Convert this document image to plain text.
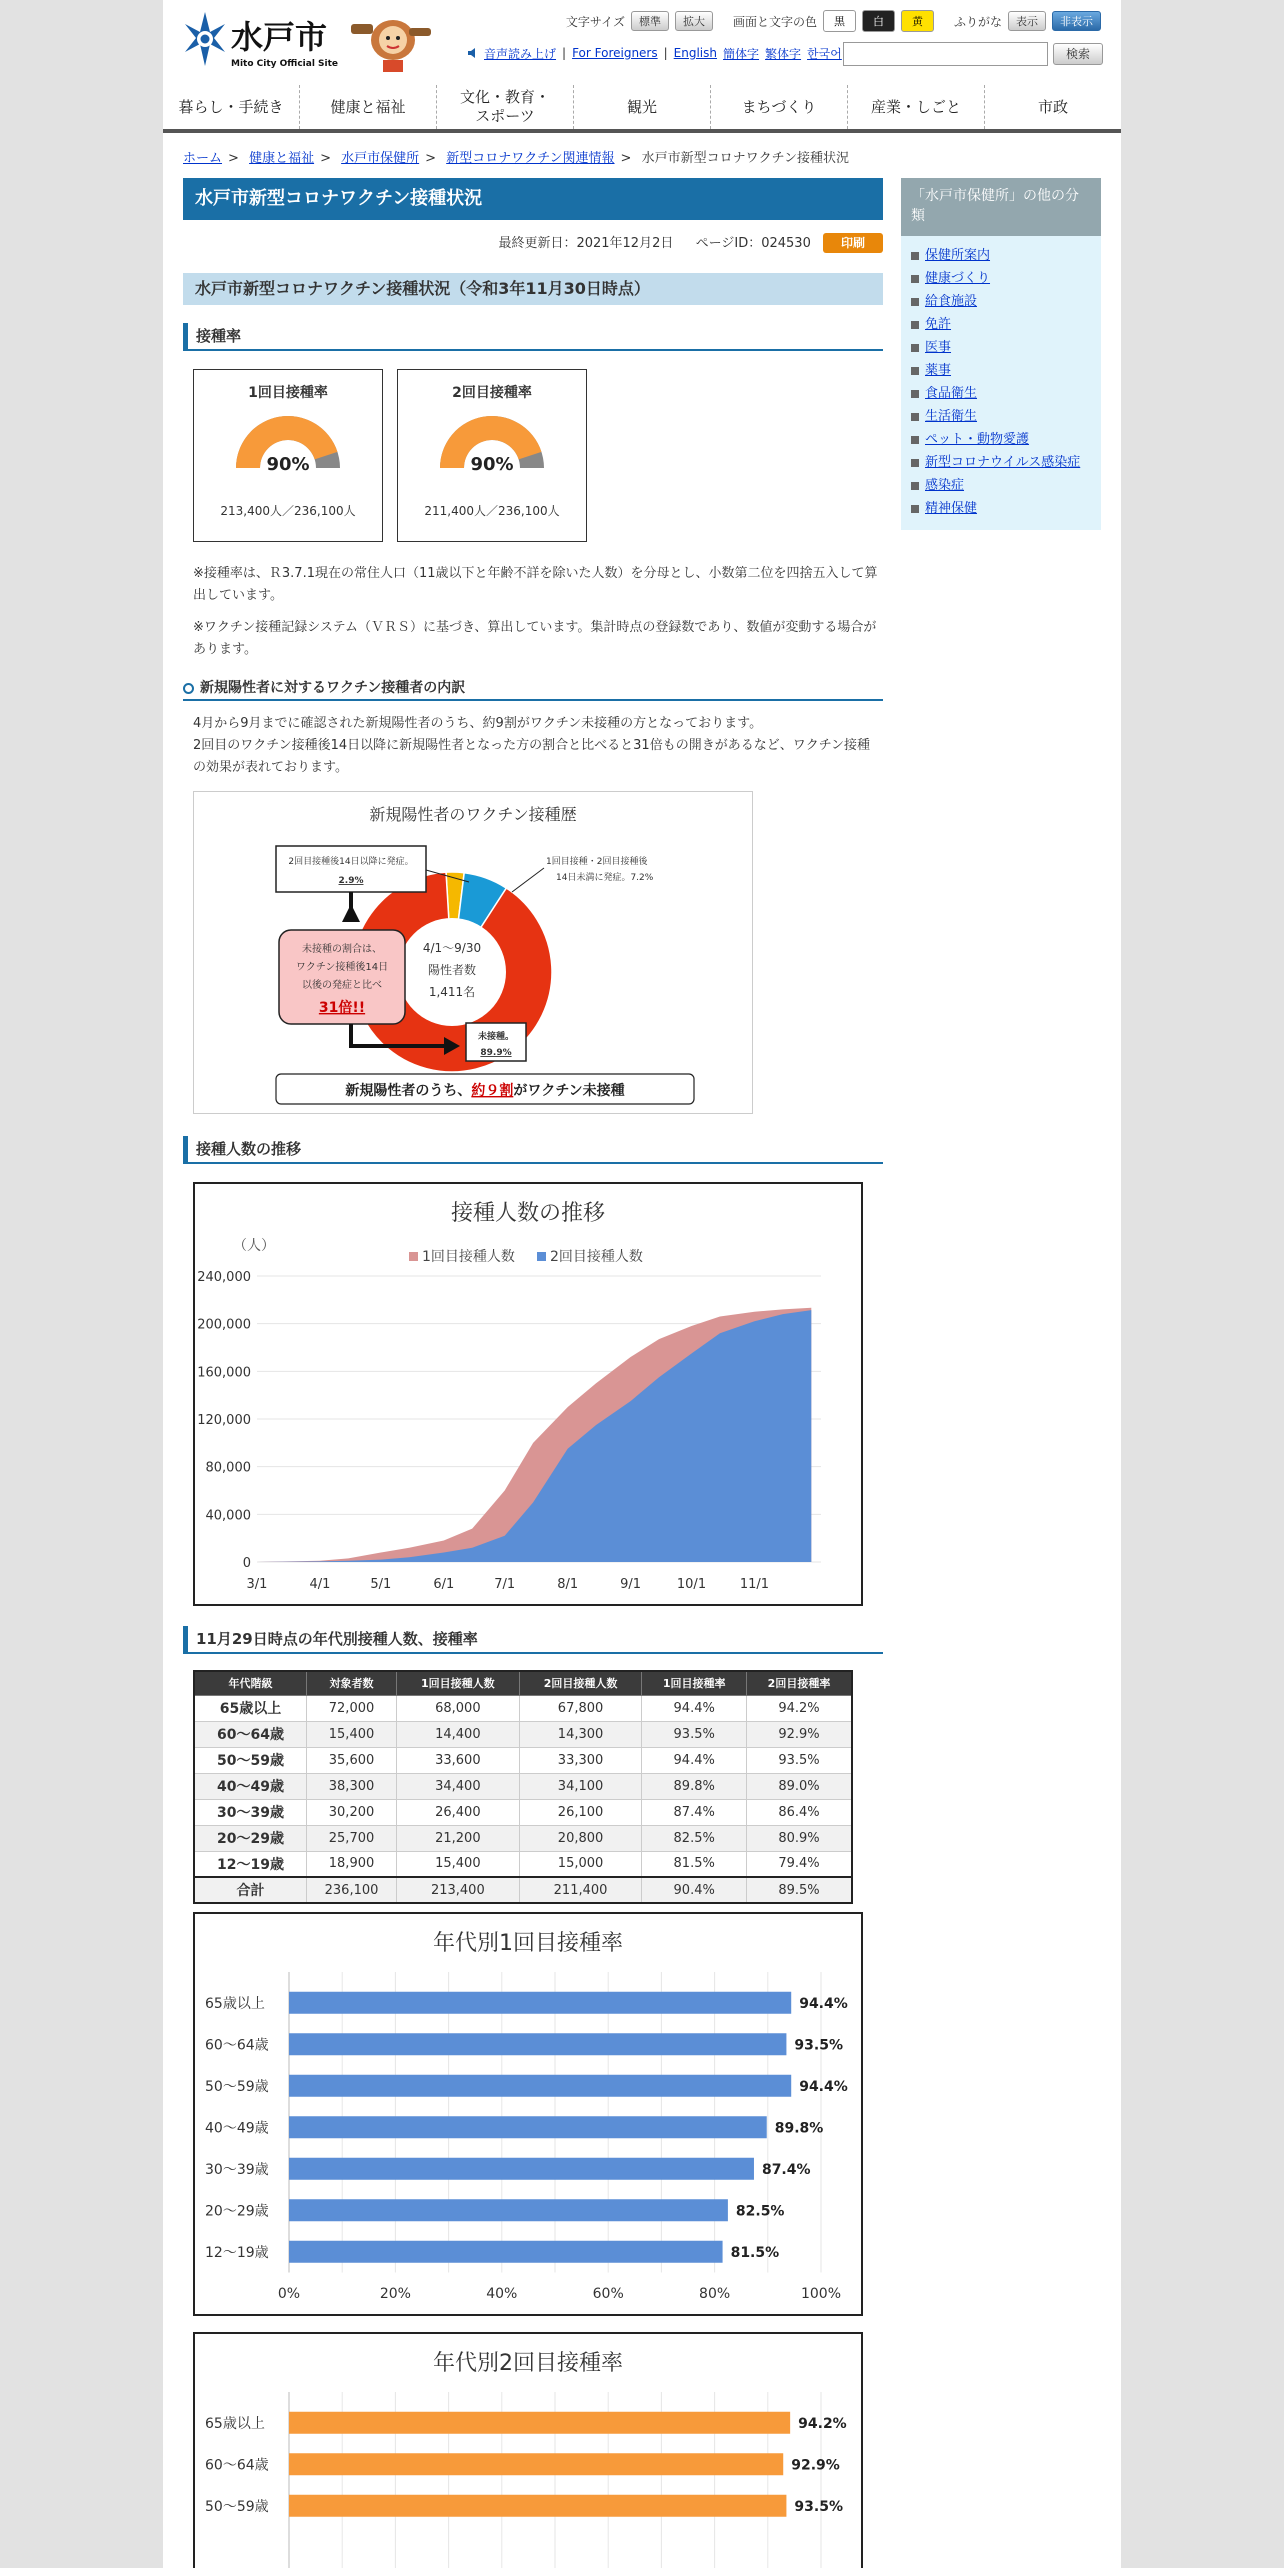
水戸市
Mito City Official Site
文字サイズ	標準	拡大	画面と文字の色	黒	白	黄	ふりがな	表示	非表示
音声読み上げ | For Foreigners | English 簡体字 繁体字 한국어	検索
暮らし・手続き	健康と福祉
文化・教育・スポーツ
観光	まちづくり	産業・しごと	市政
ホーム > 健康と福祉 > 水戸市保健所 > 新型コロナワクチン関連情報 > 水戸市新型コロナワクチン接種状況
水戸市新型コロナワクチン接種状況
最終更新日：2021年12月2日 ページID：024530	印刷
水戸市新型コロナワクチン接種状況（令和3年11月30日時点）
接種率
1回目接種率
90%
213,400人／236,100人
2回目接種率
90%
211,400人／236,100人

※接種率は、Ｒ3.7.1現在の常住人口（11歳以下と年齢不詳を除いた人数）を分母とし、小数第二位を四捨五入して算出しています。

※ワクチン接種記録システム（ＶＲＳ）に基づき、算出しています。集計時点の登録数であり、数値が変動する場合があります。

新規陽性者に対するワクチン接種者の内訳

4月から9月までに確認された新規陽性者のうち、約9割がワクチン未接種の方となっております。

2回目のワクチン接種後14日以降に新規陽性者となった方の割合と比べると31倍もの開きがあるなど、ワクチン接種の効果が表れております。

新規陽性者のワクチン接種歴
4/1〜9/30
陽性者数
1,411名
2回目接種後14日以降に発症。
2.9%
1回目接種・2回目接種後
14日未満に発症。7.2%
未接種の割合は、
ワクチン接種後14日
以後の発症と比べ
31倍!!
未接種。
89.9%
新規陽性者のうち、約９割がワクチン未接種
接種人数の推移
接種人数の推移
（人）
1回目接種人数	2回目接種人数
3/1	4/1	5/1	6/1	7/1	8/1	9/1	10/1	11/1
0
40,000
80,000
120,000
160,000
200,000
240,000
11月29日時点の年代別接種人数、接種率
年代階級	対象者数	1回目接種人数	2回目接種人数	1回目接種率	2回目接種率
65歳以上	72,000	68,000	67,800	94.4%	94.2%
60〜64歳	15,400	14,400	14,300	93.5%	92.9%
50〜59歳	35,600	33,600	33,300	94.4%	93.5%
40〜49歳	38,300	34,400	34,100	89.8%	89.0%
30〜39歳	30,200	26,400	26,100	87.4%	86.4%
20〜29歳	25,700	21,200	20,800	82.5%	80.9%
12〜19歳	18,900	15,400	15,000	81.5%	79.4%
合計	236,100	213,400	211,400	90.4%	89.5%
年代別1回目接種率
65歳以上	94.4%
60〜64歳	93.5%
50〜59歳	94.4%
40〜49歳	89.8%
30〜39歳	87.4%
20〜29歳	82.5%
12〜19歳	81.5%
0%	20%	40%	60%	80%	100%
年代別2回目接種率
65歳以上	94.2%
60〜64歳	92.9%
50〜59歳	93.5%
「水戸市保健所」の他の分類
保健所案内
健康づくり
給食施設
免許
医事
薬事
食品衛生
生活衛生
ペット・動物愛護
新型コロナウイルス感染症
感染症
精神保健
